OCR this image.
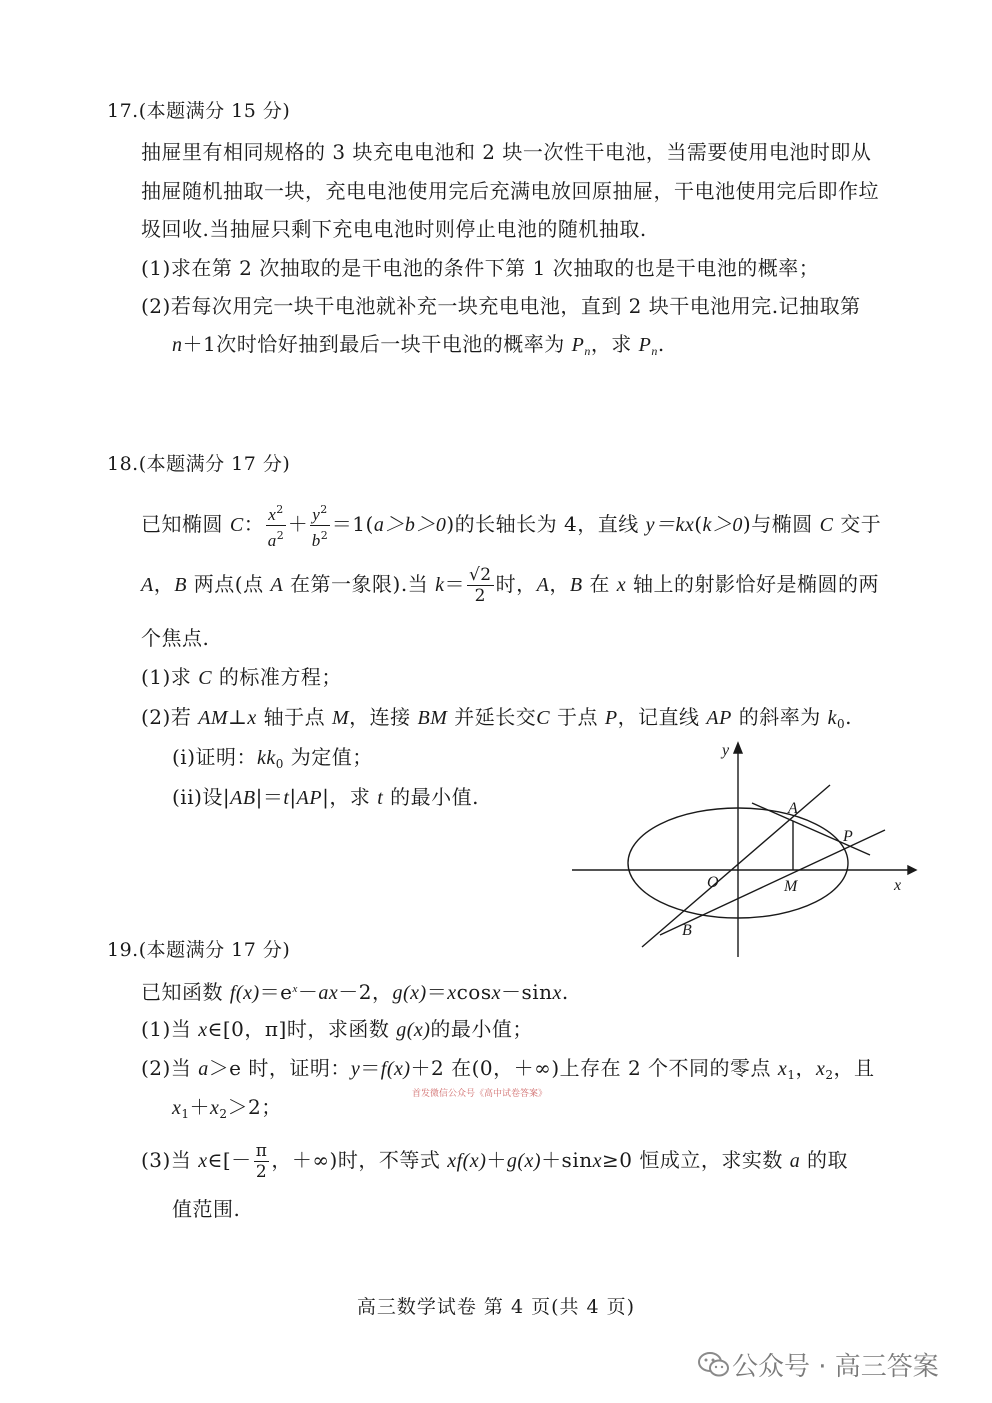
17.(本题满分 15 分)
抽屉里有相同规格的 3 块充电电池和 2 块一次性干电池，当需要使用电池时即从
抽屉随机抽取一块，充电电池使用完后充满电放回原抽屉，干电池使用完后即作垃
圾回收.当抽屉只剩下充电电池时则停止电池的随机抽取.
(1)求在第 2 次抽取的是干电池的条件下第 1 次抽取的也是干电池的概率；
(2)若每次用完一块干电池就补充一块充电电池，直到 2 块干电池用完.记抽取第
n＋1次时恰好抽到最后一块干电池的概率为 $P_n$，求 $P_n$.
18.(本题满分 17 分)
已知椭圆 C： $\frac{x^2}{a^2} + \frac{y^2}{b^2} =1(a>b>0)$的长轴长为 4，直线 y＝kx(k＞0)与椭圆 C 交于
A，B 两点(点 A 在第一象限).当 $k= \frac{√2}{2}$ 时，A，B 在 x 轴上的射影恰好是椭圆的两
个焦点.
(1)求 C 的标准方程；
(2)若 AM⊥x 轴于点 M，连接 BM 并延长交C 于点 P，记直线 AP 的斜率为 $k_0$.
(i)证明：$kk_0$ 为定值；
(ii)设|AB|＝t|AP|，求 t 的最小值.
y
x
O
A
B
P
M
19.(本题满分 17 分)
已知函数 $f(x)=e^x-ax-2$，g(x)＝xcosx－sinx.
(1)当 x∈[0，π]时，求函数 g(x)的最小值；
(2)当 a＞e 时，证明：y＝f(x)＋2 在(0，＋∞)上存在 2 个不同的零点 $x_1$，$x_2$，且
首发微信公众号《高中试卷答案》
$x_1+x_2>2$；
(3)当 x∈[－ $\frac{\pi}{2}$ ，＋∞)时，不等式 xf(x)＋g(x)＋sinx≥0 恒成立，求实数 a 的取
值范围.
高三数学试卷 第 4 页(共 4 页)
公众号 · 高三答案
